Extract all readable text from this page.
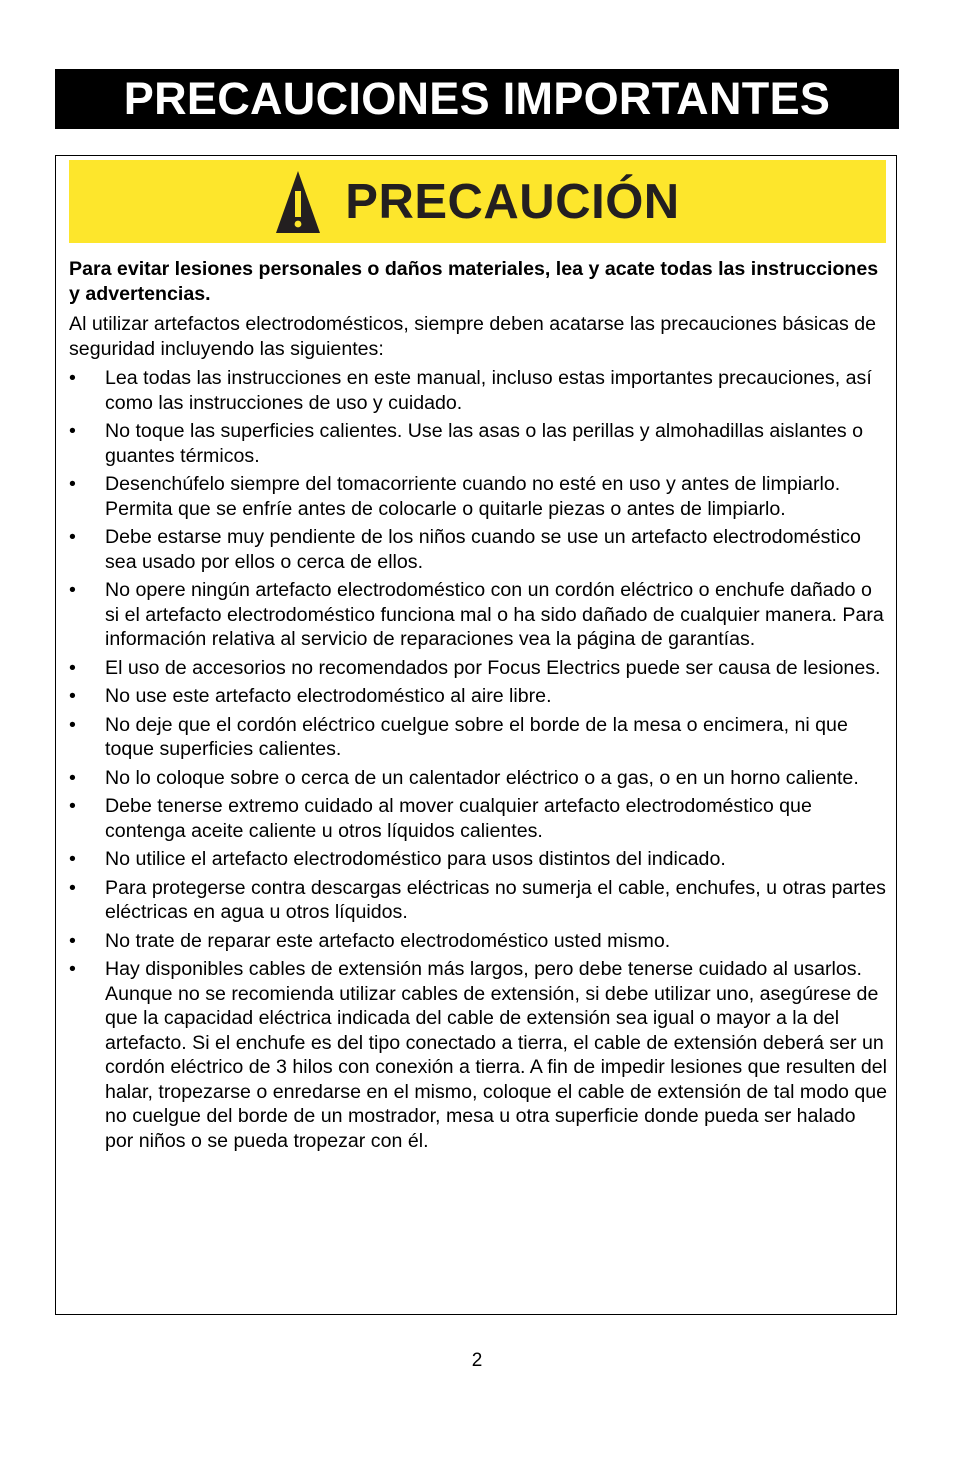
PRECAUCIONES IMPORTANTES
PRECAUCIÓN

Para evitar lesiones personales o daños materiales, lea y acate todas las instrucciones y advertencias.

Al utilizar artefactos electrodomésticos, siempre deben acatarse las precauciones básicas de seguridad incluyendo las siguientes:

• Lea todas las instrucciones en este manual, incluso estas importantes precauciones, así como las instrucciones de uso y cuidado.
• No toque las superficies calientes. Use las asas o las perillas y almohadillas aislantes o guantes térmicos.
• Desenchúfelo siempre del tomacorriente cuando no esté en uso y antes de limpiarlo. Permita que se enfríe antes de colocarle o quitarle piezas o antes de limpiarlo.
• Debe estarse muy pendiente de los niños cuando se use un artefacto electrodoméstico sea usado por ellos o cerca de ellos.
• No opere ningún artefacto electrodoméstico con un cordón eléctrico o enchufe dañado o si el artefacto electrodoméstico funciona mal o ha sido dañado de cualquier manera. Para información relativa al servicio de reparaciones vea la página de garantías.
• El uso de accesorios no recomendados por Focus Electrics puede ser causa de lesiones.
• No use este artefacto electrodoméstico al aire libre.
• No deje que el cordón eléctrico cuelgue sobre el borde de la mesa o encimera, ni que toque superficies calientes.
• No lo coloque sobre o cerca de un calentador eléctrico o a gas, o en un horno caliente.
• Debe tenerse extremo cuidado al mover cualquier artefacto electrodoméstico que contenga aceite caliente u otros líquidos calientes.
• No utilice el artefacto electrodoméstico para usos distintos del indicado.
• Para protegerse contra descargas eléctricas no sumerja el cable, enchufes, u otras partes eléctricas en agua u otros líquidos.
• No trate de reparar este artefacto electrodoméstico usted mismo.
• Hay disponibles cables de extensión más largos, pero debe tenerse cuidado al usarlos. Aunque no se recomienda utilizar cables de extensión, si debe utilizar uno, asegúrese de que la capacidad eléctrica indicada del cable de extensión sea igual o mayor a la del artefacto. Si el enchufe es del tipo conectado a tierra, el cable de extensión deberá ser un cordón eléctrico de 3 hilos con conexión a tierra. A fin de impedir lesiones que resulten del halar, tropezarse o enredarse en el mismo, coloque el cable de extensión de tal modo que no cuelgue del borde de un mostrador, mesa u otra superficie donde pueda ser halado por niños o se pueda tropezar con él.
2
